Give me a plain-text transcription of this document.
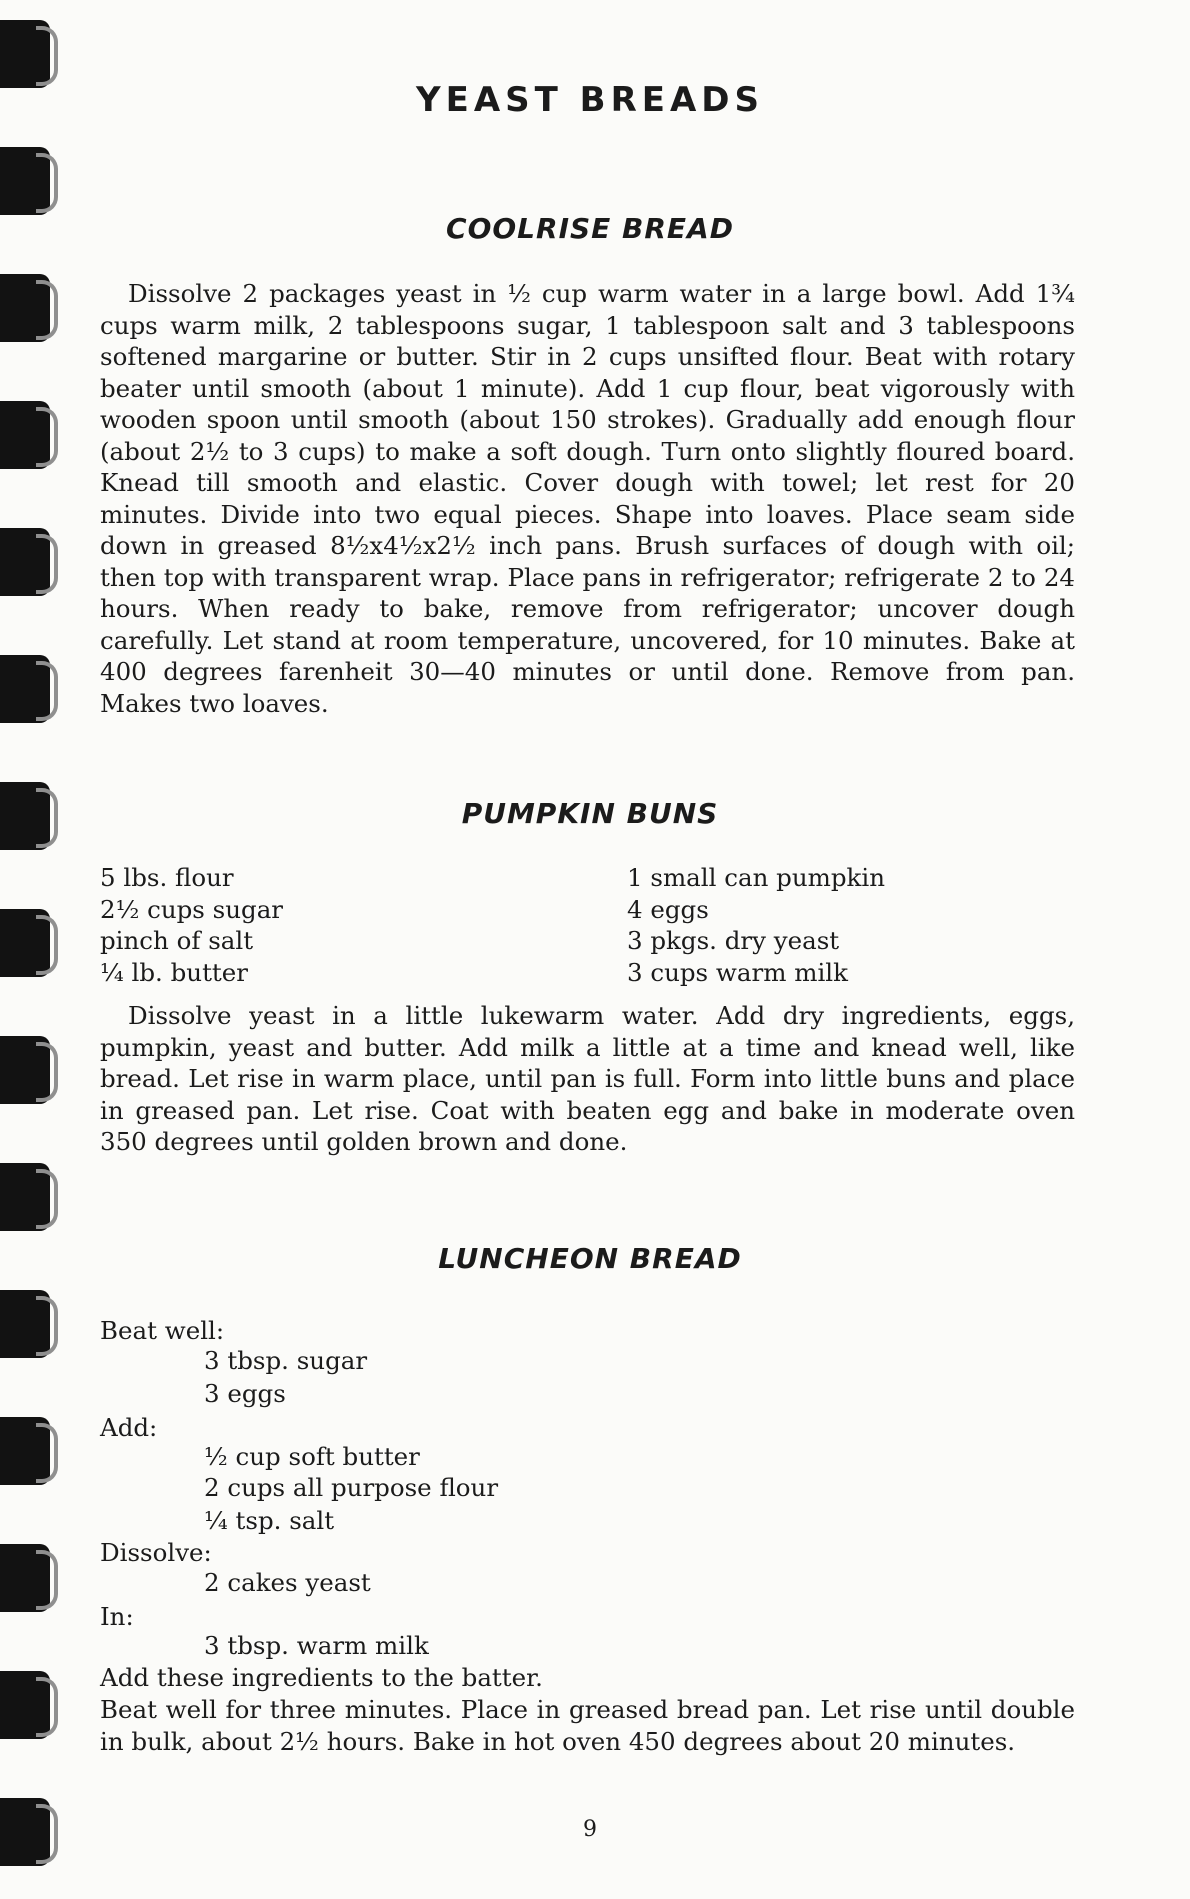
YEAST BREADS
COOLRISE BREAD

Dissolve 2 packages yeast in ½ cup warm water in a large bowl. Add 1¾ cups warm milk, 2 tablespoons sugar, 1 tablespoon salt and 3 tablespoons softened margarine or butter. Stir in 2 cups unsifted flour. Beat with rotary beater until smooth (about 1 minute). Add 1 cup flour, beat vigorously with wooden spoon until smooth (about 150 strokes). Gradually add enough flour (about 2½ to 3 cups) to make a soft dough. Turn onto slightly floured board. Knead till smooth and elastic. Cover dough with towel; let rest for 20 minutes. Divide into two equal pieces. Shape into loaves. Place seam side down in greased 8½x4½x2½ inch pans. Brush surfaces of dough with oil; then top with transparent wrap. Place pans in refrigerator; refrigerate 2 to 24 hours. When ready to bake, remove from refrigerator; uncover dough carefully. Let stand at room temperature, uncovered, for 10 minutes. Bake at 400 degrees farenheit 30—40 minutes or until done. Remove from pan. Makes two loaves.

PUMPKIN BUNS
5 lbs. flour
2½ cups sugar
pinch of salt
¼ lb. butter
1 small can pumpkin
4 eggs
3 pkgs. dry yeast
3 cups warm milk

Dissolve yeast in a little lukewarm water. Add dry ingredients, eggs, pumpkin, yeast and butter. Add milk a little at a time and knead well, like bread. Let rise in warm place, until pan is full. Form into little buns and place in greased pan. Let rise. Coat with beaten egg and bake in moderate oven 350 degrees until golden brown and done.

LUNCHEON BREAD
Beat well:
3 tbsp. sugar
3 eggs
Add:
½ cup soft butter
2 cups all purpose flour
¼ tsp. salt
Dissolve:
2 cakes yeast
In:
3 tbsp. warm milk
Add these ingredients to the batter.

Beat well for three minutes. Place in greased bread pan. Let rise until double in bulk, about 2½ hours. Bake in hot oven 450 degrees about 20 minutes.

9
